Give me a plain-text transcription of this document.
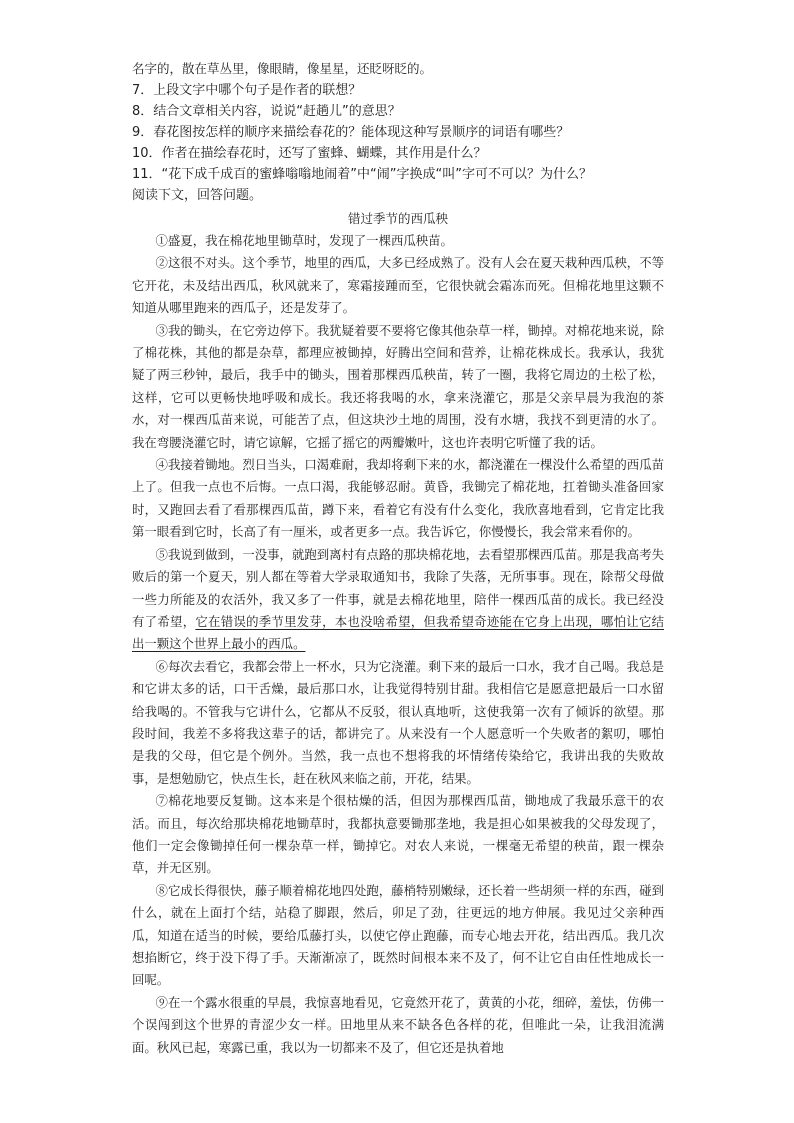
名字的，散在草丛里，像眼睛，像星星，还眨呀眨的。
7．上段文字中哪个句子是作者的联想？
8．结合文章相关内容，说说“赶趟儿”的意思？
9．春花图按怎样的顺序来描绘春花的？能体现这种写景顺序的词语有哪些？
10．作者在描绘春花时，还写了蜜蜂、蝴蝶，其作用是什么？
11．“花下成千成百的蜜蜂嗡嗡地闹着”中“闹”字换成“叫”字可不可以？为什么？
阅读下文，回答问题。
错过季节的西瓜秧

①盛夏，我在棉花地里锄草时，发现了一棵西瓜秧苗。

②这很不对头。这个季节，地里的西瓜，大多已经成熟了。没有人会在夏天栽种西瓜秧，不等它开花，未及结出西瓜，秋风就来了，寒霜接踵而至，它很快就会霜冻而死。但棉花地里这颗不知道从哪里跑来的西瓜子，还是发芽了。

③我的锄头，在它旁边停下。我犹疑着要不要将它像其他杂草一样，锄掉。对棉花地来说，除了棉花株，其他的都是杂草，都理应被锄掉，好腾出空间和营养，让棉花株成长。我承认，我犹疑了两三秒钟，最后，我手中的锄头，围着那棵西瓜秧苗，转了一圈，我将它周边的土松了松，这样，它可以更畅快地呼吸和成长。我还将我喝的水，拿来浇灌它，那是父亲早晨为我泡的茶水，对一棵西瓜苗来说，可能苦了点，但这块沙土地的周围，没有水塘，我找不到更清的水了。我在弯腰浇灌它时，请它谅解，它摇了摇它的两瓣嫩叶，这也许表明它听懂了我的话。

④我接着锄地。烈日当头，口渴难耐，我却将剩下来的水，都浇灌在一棵没什么希望的西瓜苗上了。但我一点也不后悔。一点口渴，我能够忍耐。黄昏，我锄完了棉花地，扛着锄头准备回家时，又跑回去看了看那棵西瓜苗，蹲下来，看着它有没有什么变化，我欣喜地看到，它肯定比我第一眼看到它时，长高了有一厘米，或者更多一点。我告诉它，你慢慢长，我会常来看你的。

⑤我说到做到，一没事，就跑到离村有点路的那块棉花地，去看望那棵西瓜苗。那是我高考失败后的第一个夏天，别人都在等着大学录取通知书，我除了失落，无所事事。现在，除帮父母做一些力所能及的农活外，我又多了一件事，就是去棉花地里，陪伴一棵西瓜苗的成长。我已经没有了希望，它在错误的季节里发芽，本也没啥希望，但我希望奇迹能在它身上出现，哪怕让它结出一颗这个世界上最小的西瓜。

⑥每次去看它，我都会带上一杯水，只为它浇灌。剩下来的最后一口水，我才自己喝。我总是和它讲太多的话，口干舌燥，最后那口水，让我觉得特别甘甜。我相信它是愿意把最后一口水留给我喝的。不管我与它讲什么，它都从不反驳，很认真地听，这使我第一次有了倾诉的欲望。那段时间，我差不多将我这辈子的话，都讲完了。从来没有一个人愿意听一个失败者的絮叨，哪怕是我的父母，但它是个例外。当然，我一点也不想将我的坏情绪传染给它，我讲出我的失败故事，是想勉励它，快点生长，赶在秋风来临之前，开花，结果。

⑦棉花地要反复锄。这本来是个很枯燥的活，但因为那棵西瓜苗，锄地成了我最乐意干的农活。而且，每次给那块棉花地锄草时，我都执意要锄那垄地，我是担心如果被我的父母发现了，他们一定会像锄掉任何一棵杂草一样，锄掉它。对农人来说，一棵毫无希望的秧苗，跟一棵杂草，并无区别。

⑧它成长得很快，藤子顺着棉花地四处跑，藤梢特别嫩绿，还长着一些胡须一样的东西，碰到什么，就在上面打个结，站稳了脚跟，然后，卯足了劲，往更远的地方伸展。我见过父亲种西瓜，知道在适当的时候，要给瓜藤打头，以使它停止跑藤，而专心地去开花，结出西瓜。我几次想掐断它，终于没下得了手。天渐渐凉了，既然时间根本来不及了，何不让它自由任性地成长一回呢。

⑨在一个露水很重的早晨，我惊喜地看见，它竟然开花了，黄黄的小花，细碎，羞怯，仿佛一个误闯到这个世界的青涩少女一样。田地里从来不缺各色各样的花，但唯此一朵，让我泪流满面。秋风已起，寒露已重，我以为一切都来不及了，但它还是执着地
